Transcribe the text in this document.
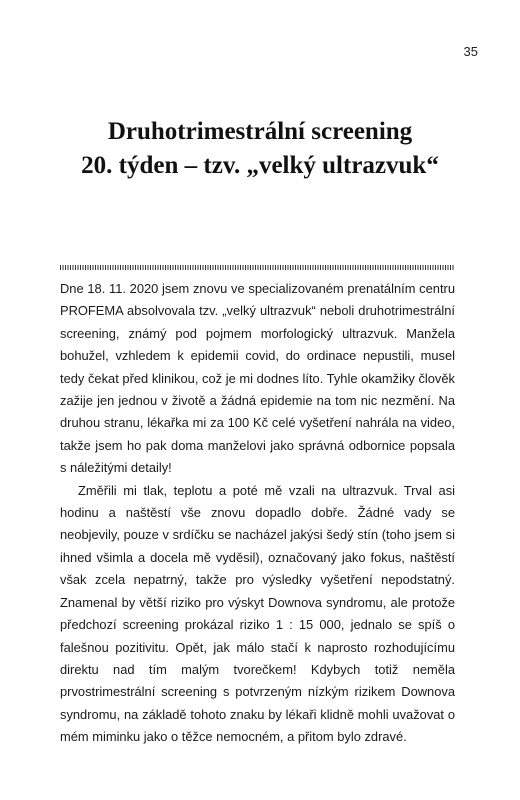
35
Druhotrimestrální screening
20. týden – tzv. „velký ultrazvuk“

Dne 18. 11. 2020 jsem znovu ve specializovaném prenatálním centru PROFEMA absolvovala tzv. „velký ultrazvuk“ neboli druhotrimestrální screening, známý pod pojmem morfologický ultrazvuk. Manžela bohužel, vzhledem k epidemii covid, do ordinace nepustili, musel tedy čekat před klinikou, což je mi dodnes líto. Tyhle okamžiky člověk zažije jen jednou v životě a žádná epidemie na tom nic nezmění. Na druhou stranu, lékařka mi za 100 Kč celé vyšetření nahrála na video, takže jsem ho pak doma manželovi jako správná odbornice popsala s náležitými detaily!

Změřili mi tlak, teplotu a poté mě vzali na ultrazvuk. Trval asi hodinu a naštěstí vše znovu dopadlo dobře. Žádné vady se neobjevily, pouze v srdíčku se nacházel jakýsi šedý stín (toho jsem si ihned všimla a docela mě vyděsil), označovaný jako fokus, naštěstí však zcela nepatrný, takže pro výsledky vyšetření nepodstatný. Znamenal by větší riziko pro výskyt Downova syndromu, ale protože předchozí screening prokázal riziko 1 : 15 000, jednalo se spíš o falešnou pozitivitu. Opět, jak málo stačí k naprosto rozhodujícímu direktu nad tím malým tvorečkem! Kdybych totiž neměla prvostrimestrální screening s potvrzeným nízkým rizikem Downova syndromu, na základě tohoto znaku by lékaři klidně mohli uvažovat o mém miminku jako o těžce nemocném, a přitom bylo zdravé.
